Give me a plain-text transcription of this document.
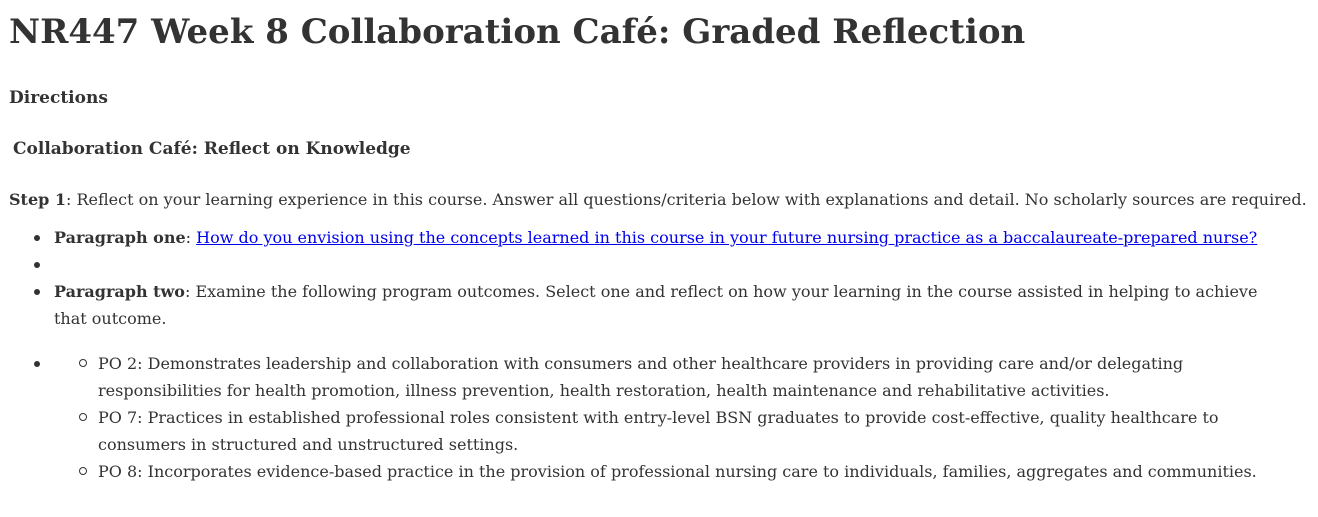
NR447 Week 8 Collaboration Café: Graded Reflection
Directions
Collaboration Café: Reflect on Knowledge
Step 1: Reflect on your learning experience in this course. Answer all questions/criteria below with explanations and detail. No scholarly sources are required.
Paragraph one: How do you envision using the concepts learned in this course in your future nursing practice as a baccalaureate-prepared nurse?
Paragraph two: Examine the following program outcomes. Select one and reflect on how your learning in the course assisted in helping to achieve that outcome.
PO 2: Demonstrates leadership and collaboration with consumers and other healthcare providers in providing care and/or delegating responsibilities for health promotion, illness prevention, health restoration, health maintenance and rehabilitative activities.
PO 7: Practices in established professional roles consistent with entry-level BSN graduates to provide cost-effective, quality healthcare to consumers in structured and unstructured settings.
PO 8: Incorporates evidence-based practice in the provision of professional nursing care to individuals, families, aggregates and communities.
